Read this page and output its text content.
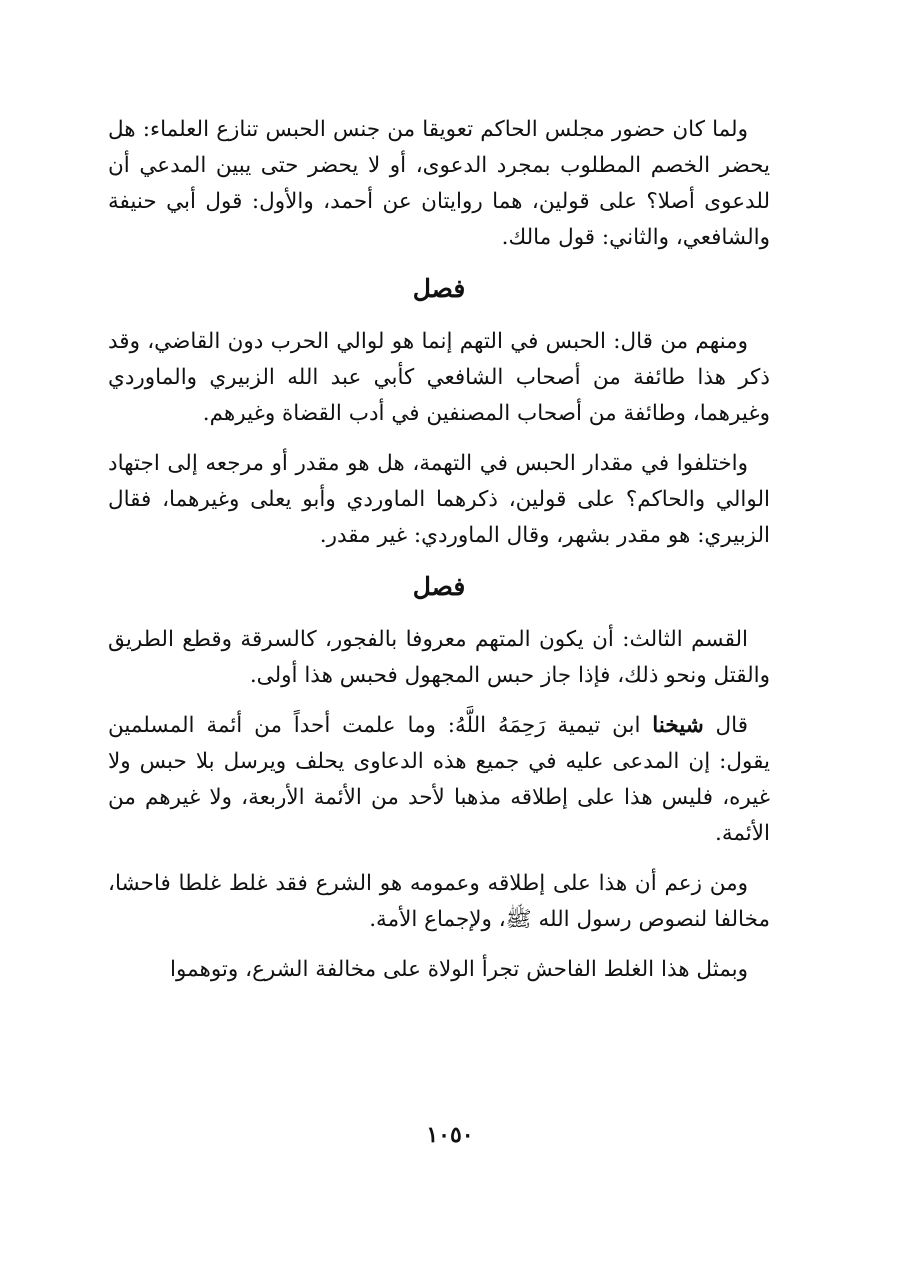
ولما كان حضور مجلس الحاكم تعويقا من جنس الحبس تنازع العلماء: هل يحضر الخصم المطلوب بمجرد الدعوى، أو لا يحضر حتى يبين المدعي أن للدعوى أصلا؟ على قولين، هما روايتان عن أحمد، والأول: قول أبي حنيفة والشافعي، والثاني: قول مالك.

فصل

ومنهم من قال: الحبس في التهم إنما هو لوالي الحرب دون القاضي، وقد ذكر هذا طائفة من أصحاب الشافعي كأبي عبد الله الزبيري والماوردي وغيرهما، وطائفة من أصحاب المصنفين في أدب القضاة وغيرهم.

واختلفوا في مقدار الحبس في التهمة، هل هو مقدر أو مرجعه إلى اجتهاد الوالي والحاكم؟ على قولين، ذكرهما الماوردي وأبو يعلى وغيرهما، فقال الزبيري: هو مقدر بشهر، وقال الماوردي: غير مقدر.

فصل

القسم الثالث: أن يكون المتهم معروفا بالفجور، كالسرقة وقطع الطريق والقتل ونحو ذلك، فإذا جاز حبس المجهول فحبس هذا أولى.

قال شيخنا ابن تيمية رَحِمَهُ اللَّهُ: وما علمت أحداً من أئمة المسلمين يقول: إن المدعى عليه في جميع هذه الدعاوى يحلف ويرسل بلا حبس ولا غيره، فليس هذا على إطلاقه مذهبا لأحد من الأئمة الأربعة، ولا غيرهم من الأئمة.

ومن زعم أن هذا على إطلاقه وعمومه هو الشرع فقد غلط غلطا فاحشا، مخالفا لنصوص رسول الله ﷺ، ولإجماع الأمة.

وبمثل هذا الغلط الفاحش تجرأ الولاة على مخالفة الشرع، وتوهموا

١٠٥٠
